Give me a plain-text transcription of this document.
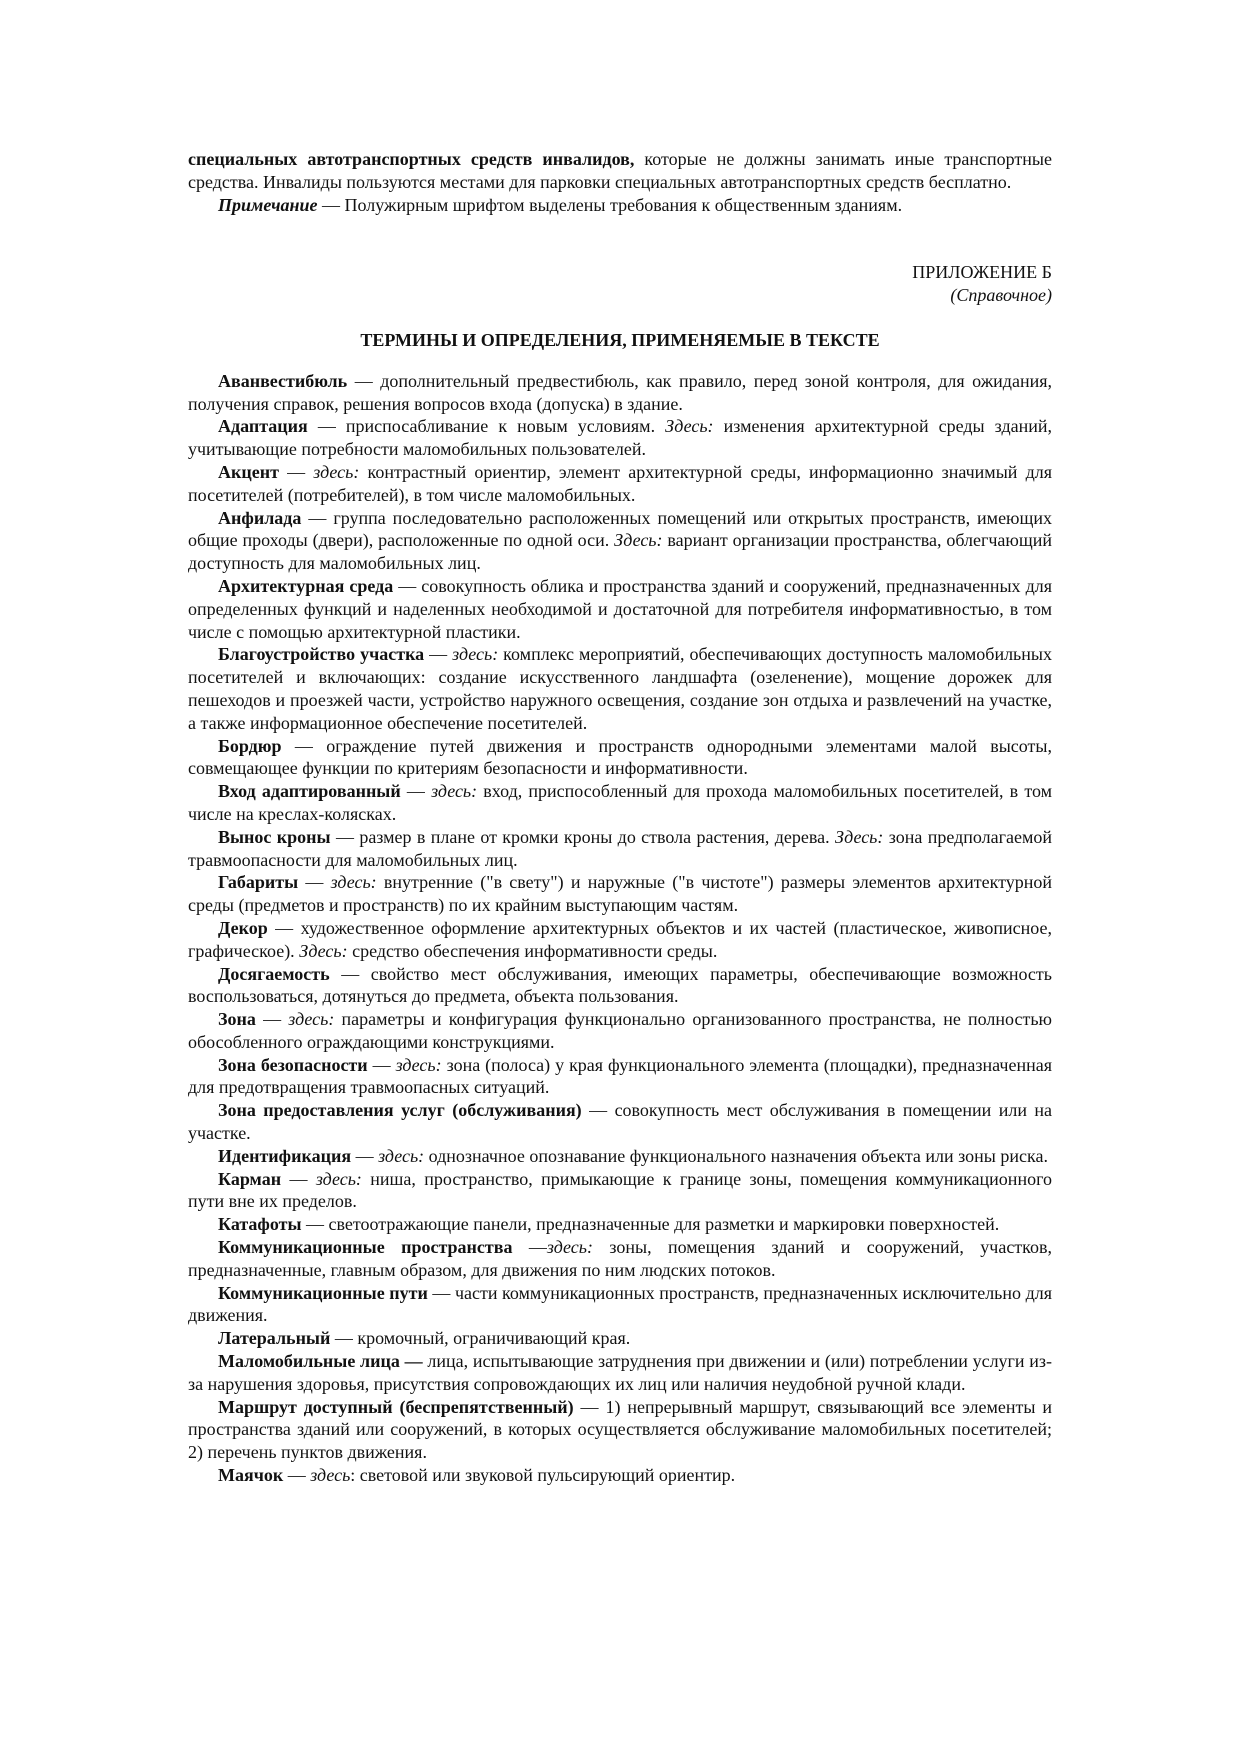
специальных автотранспортных средств инвалидов, которые не должны занимать иные транспортные средства. Инвалиды пользуются местами для парковки специальных автотранспортных средств бесплатно.

Примечание — Полужирным шрифтом выделены требования к общественным зданиям.

ПРИЛОЖЕНИЕ Б

(Справочное)

ТЕРМИНЫ И ОПРЕДЕЛЕНИЯ, ПРИМЕНЯЕМЫЕ В ТЕКСТЕ

Аванвестибюль — дополнительный предвестибюль, как правило, перед зоной контроля, для ожидания, получения справок, решения вопросов входа (допуска) в здание.

Адаптация — приспосабливание к новым условиям. Здесь: изменения архитектурной среды зданий, учитывающие потребности маломобильных пользователей.

Акцент — здесь: контрастный ориентир, элемент архитектурной среды, информационно значимый для посетителей (потребителей), в том числе маломобильных.

Анфилада — группа последовательно расположенных помещений или открытых пространств, имеющих общие проходы (двери), расположенные по одной оси. Здесь: вариант организации пространства, облегчающий доступность для маломобильных лиц.

Архитектурная среда — совокупность облика и пространства зданий и сооружений, предназначенных для определенных функций и наделенных необходимой и достаточной для потребителя информативностью, в том числе с помощью архитектурной пластики.

Благоустройство участка — здесь: комплекс мероприятий, обеспечивающих доступность маломобильных посетителей и включающих: создание искусственного ландшафта (озеленение), мощение дорожек для пешеходов и проезжей части, устройство наружного освещения, создание зон отдыха и развлечений на участке, а также информационное обеспечение посетителей.

Бордюр — ограждение путей движения и пространств однородными элементами малой высоты, совмещающее функции по критериям безопасности и информативности.

Вход адаптированный — здесь: вход, приспособленный для прохода маломобильных посетителей, в том числе на креслах-колясках.

Вынос кроны — размер в плане от кромки кроны до ствола растения, дерева. Здесь: зона предполагаемой травмоопасности для маломобильных лиц.

Габариты — здесь: внутренние ("в свету") и наружные ("в чистоте") размеры элементов архитектурной среды (предметов и пространств) по их крайним выступающим частям.

Декор — художественное оформление архитектурных объектов и их частей (пластическое, живописное, графическое). Здесь: средство обеспечения информативности среды.

Досягаемость — свойство мест обслуживания, имеющих параметры, обеспечивающие возможность воспользоваться, дотянуться до предмета, объекта пользования.

Зона — здесь: параметры и конфигурация функционально организованного пространства, не полностью обособленного ограждающими конструкциями.

Зона безопасности — здесь: зона (полоса) у края функционального элемента (площадки), предназначенная для предотвращения травмоопасных ситуаций.

Зона предоставления услуг (обслуживания) — совокупность мест обслуживания в помещении или на участке.

Идентификация — здесь: однозначное опознавание функционального назначения объекта или зоны риска.

Карман — здесь: ниша, пространство, примыкающие к границе зоны, помещения коммуникационного пути вне их пределов.

Катафоты — светоотражающие панели, предназначенные для разметки и маркировки поверхностей.

Коммуникационные пространства —здесь: зоны, помещения зданий и сооружений, участков, предназначенные, главным образом, для движения по ним людских потоков.

Коммуникационные пути — части коммуникационных пространств, предназначенных исключительно для движения.

Латеральный — кромочный, ограничивающий края.

Маломобильные лица — лица, испытывающие затруднения при движении и (или) потреблении услуги из-за нарушения здоровья, присутствия сопровождающих их лиц или наличия неудобной ручной клади.

Маршрут доступный (беспрепятственный) — 1) непрерывный маршрут, связывающий все элементы и пространства зданий или сооружений, в которых осуществляется обслуживание маломобильных посетителей; 2) перечень пунктов движения.

Маячок — здесь: световой или звуковой пульсирующий ориентир.
